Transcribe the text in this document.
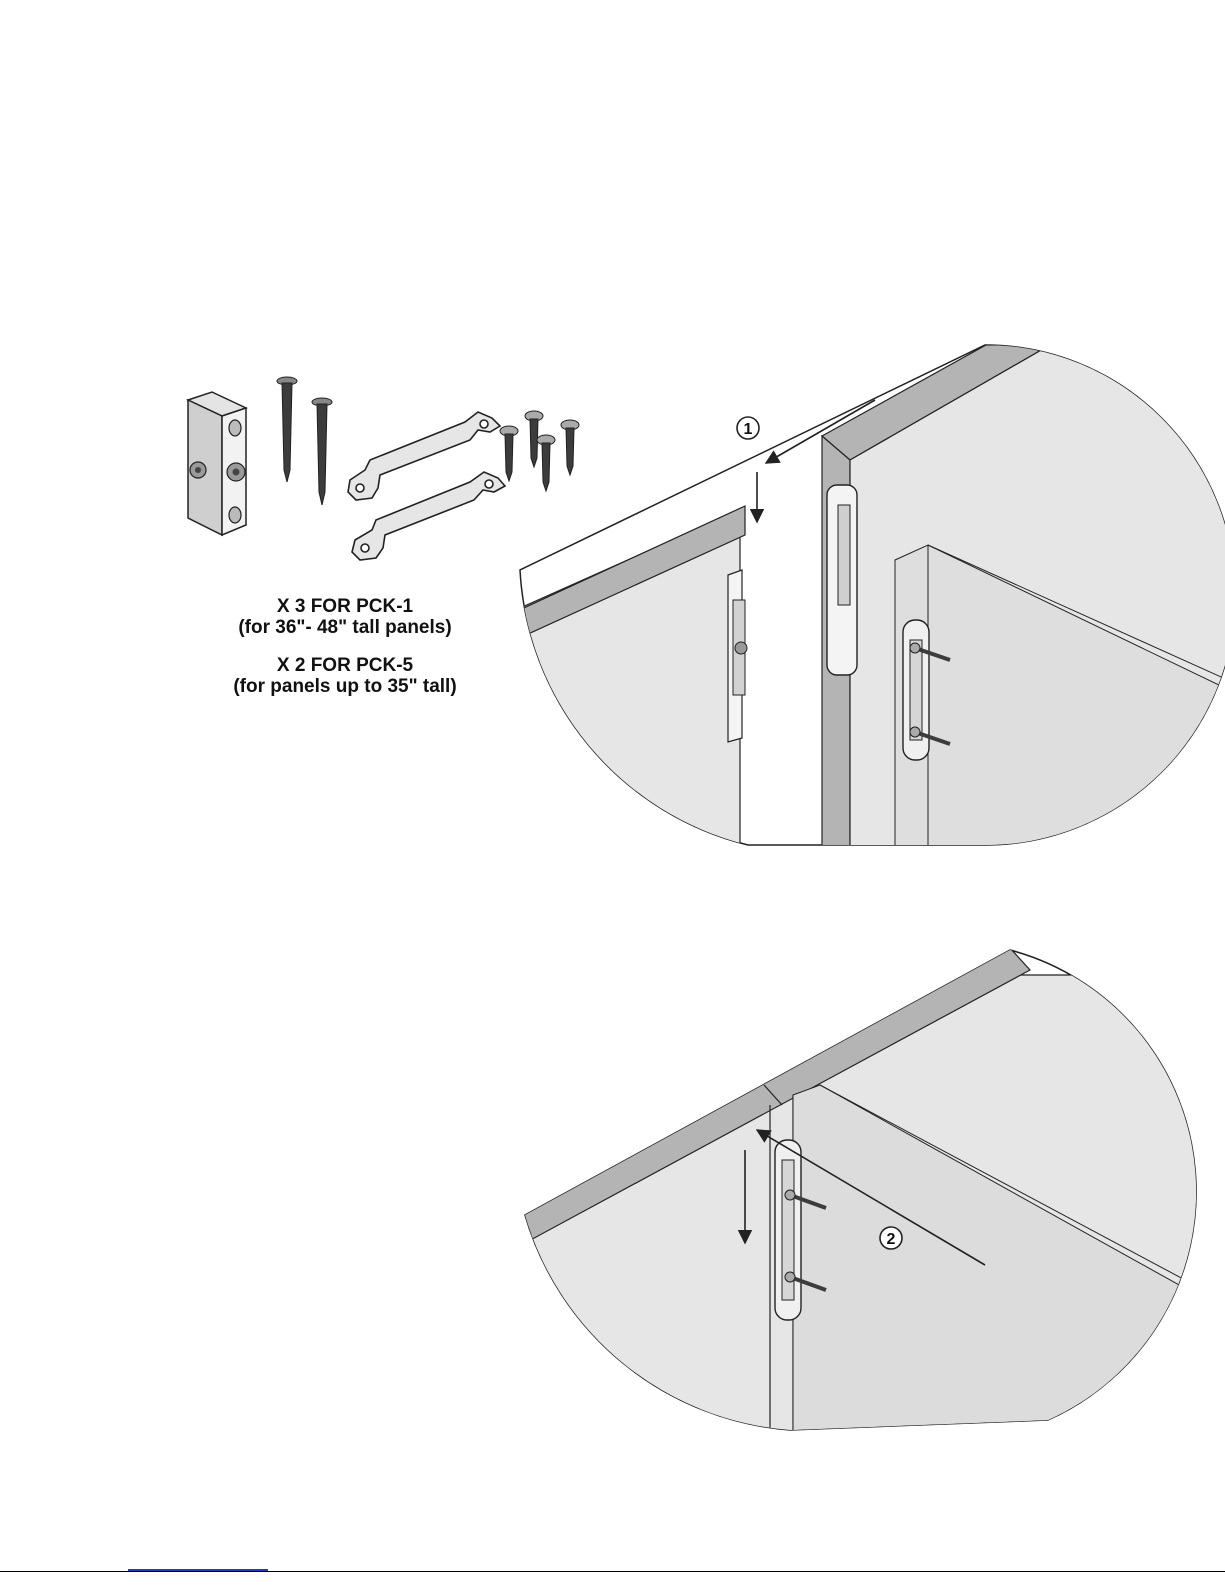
1
2
X 3 FOR PCK-1
(for 36"- 48" tall panels)
X 2 FOR PCK-5
(for panels up to 35" tall)
